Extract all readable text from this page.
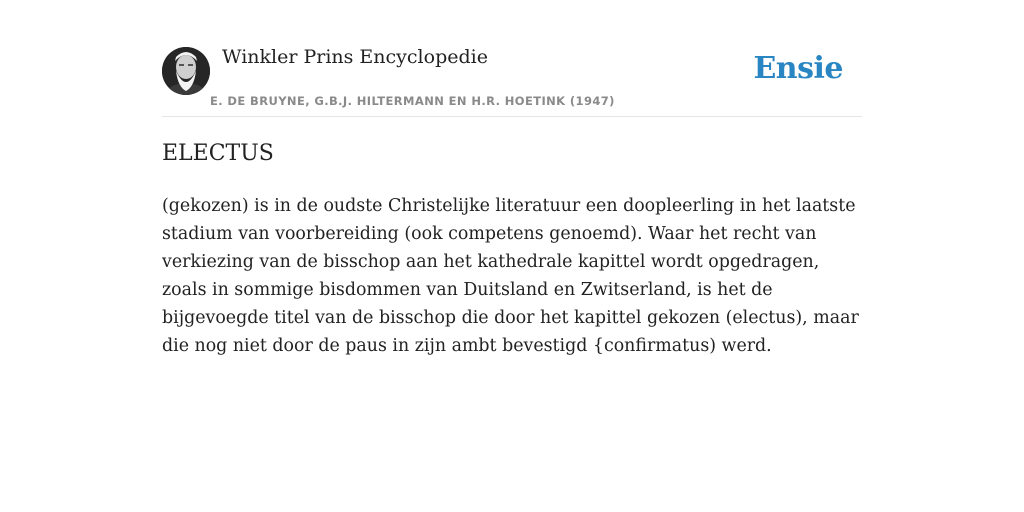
Winkler Prins Encyclopedie
E. DE BRUYNE, G.B.J. HILTERMANN EN H.R. HOETINK (1947)
Ensie
ELECTUS

(gekozen) is in de oudste Christelijke literatuur een doopleerling in het laatste stadium van voorbereiding (ook competens genoemd). Waar het recht van verkiezing van de bisschop aan het kathedrale kapittel wordt opgedragen, zoals in sommige bisdommen van Duitsland en Zwitserland, is het de bijgevoegde titel van de bisschop die door het kapittel gekozen (electus), maar die nog niet door de paus in zijn ambt bevestigd {confirmatus) werd.
